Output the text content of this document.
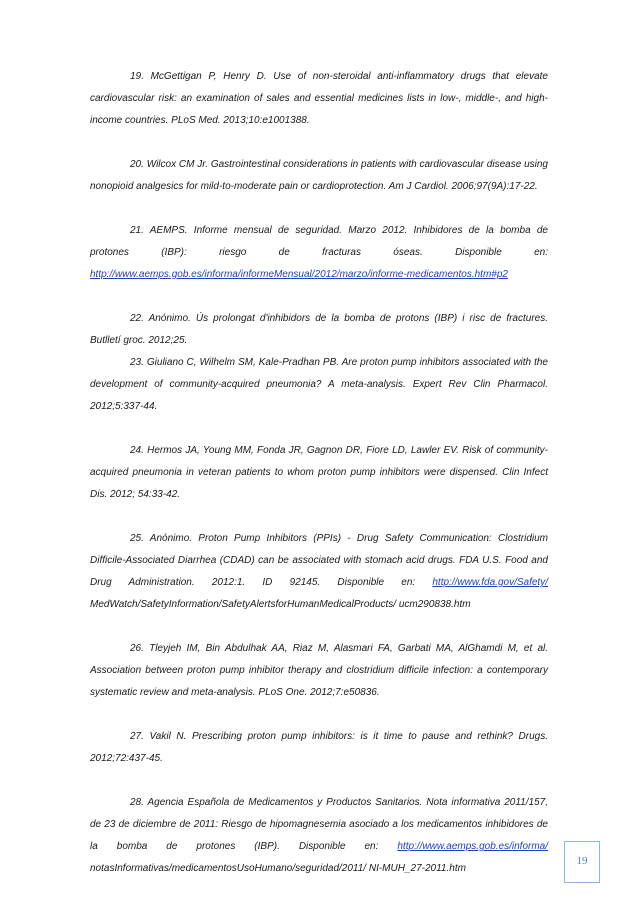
19. McGettigan P, Henry D. Use of non-steroidal anti-inflammatory drugs that elevate cardiovascular risk: an examination of sales and essential medicines lists in low-, middle-, and high-income countries. PLoS Med. 2013;10:e1001388.

20. Wilcox CM Jr. Gastrointestinal considerations in patients with cardiovascular disease using nonopioid analgesics for mild-to-moderate pain or cardioprotection. Am J Cardiol. 2006;97(9A):17-22.

21. AEMPS. Informe mensual de seguridad. Marzo 2012. Inhibidores de la bomba de protones (IBP): riesgo de fracturas óseas. Disponible en: http://www.aemps.gob.es/informa/informeMensual/2012/marzo/informe-medicamentos.htm#p2

22. Anónimo. Ús prolongat d'inhibidors de la bomba de protons (IBP) i risc de fractures. Butlletí groc. 2012;25.

23. Giuliano C, Wilhelm SM, Kale-Pradhan PB. Are proton pump inhibitors associated with the development of community-acquired pneumonia? A meta-analysis. Expert Rev Clin Pharmacol. 2012;5:337-44.

24. Hermos JA, Young MM, Fonda JR, Gagnon DR, Fiore LD, Lawler EV. Risk of community-acquired pneumonia in veteran patients to whom proton pump inhibitors were dispensed. Clin Infect Dis. 2012; 54:33-42.

25. Anónimo. Proton Pump Inhibitors (PPIs) - Drug Safety Communication: Clostridium Difficile-Associated Diarrhea (CDAD) can be associated with stomach acid drugs. FDA U.S. Food and Drug Administration. 2012:1. ID 92145. Disponible en: http://www.fda.gov/Safety/ MedWatch/SafetyInformation/SafetyAlertsforHumanMedicalProducts/ ucm290838.htm

26. Tleyjeh IM, Bin Abdulhak AA, Riaz M, Alasmari FA, Garbati MA, AlGhamdi M, et al. Association between proton pump inhibitor therapy and clostridium difficile infection: a contemporary systematic review and meta-analysis. PLoS One. 2012;7:e50836.

27. Vakil N. Prescribing proton pump inhibitors: is it time to pause and rethink? Drugs. 2012;72:437-45.

28. Agencia Española de Medicamentos y Productos Sanitarios. Nota informativa 2011/157, de 23 de diciembre de 2011: Riesgo de hipomagnesemia asociado a los medicamentos inhibidores de la bomba de protones (IBP). Disponible en: http://www.aemps.gob.es/informa/ notasInformativas/medicamentosUsoHumano/seguridad/2011/ NI-MUH_27-2011.htm

19
